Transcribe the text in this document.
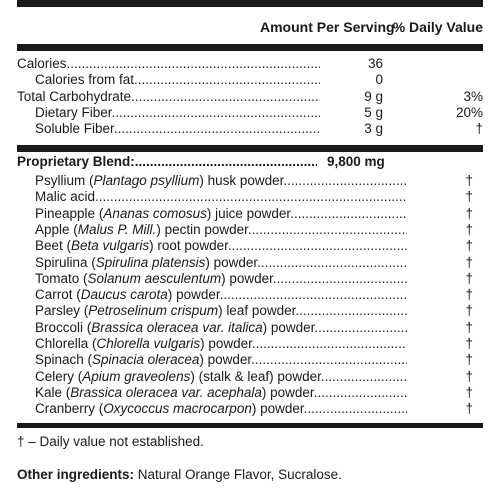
Amount Per Serving
% Daily Value
Calories .....	36
Calories from fat .....	0
Total Carbohydrate .....	9 g	3%
Dietary Fiber .....	5 g	20%
Soluble Fiber .....	3 g	†
Proprietary Blend: .....	9,800 mg
Psyllium (Plantago psyllium) husk powder .....	†
Malic acid .....	†
Pineapple (Ananas comosus) juice powder .....	†
Apple (Malus P. Mill.) pectin powder .....	†
Beet (Beta vulgaris) root powder .....	†
Spirulina (Spirulina platensis) powder .....	†
Tomato (Solanum aesculentum) powder .....	†
Carrot (Daucus carota) powder .....	†
Parsley (Petroselinum crispum) leaf powder .....	†
Broccoli (Brassica oleracea var. italica) powder .....	†
Chlorella (Chlorella vulgaris) powder .....	†
Spinach (Spinacia oleracea) powder .....	†
Celery (Apium graveolens) (stalk & leaf) powder .....	†
Kale (Brassica oleracea var. acephala) powder .....	†
Cranberry (Oxycoccus macrocarpon) powder .....	†
† – Daily value not established.
Other ingredients: Natural Orange Flavor, Sucralose.
